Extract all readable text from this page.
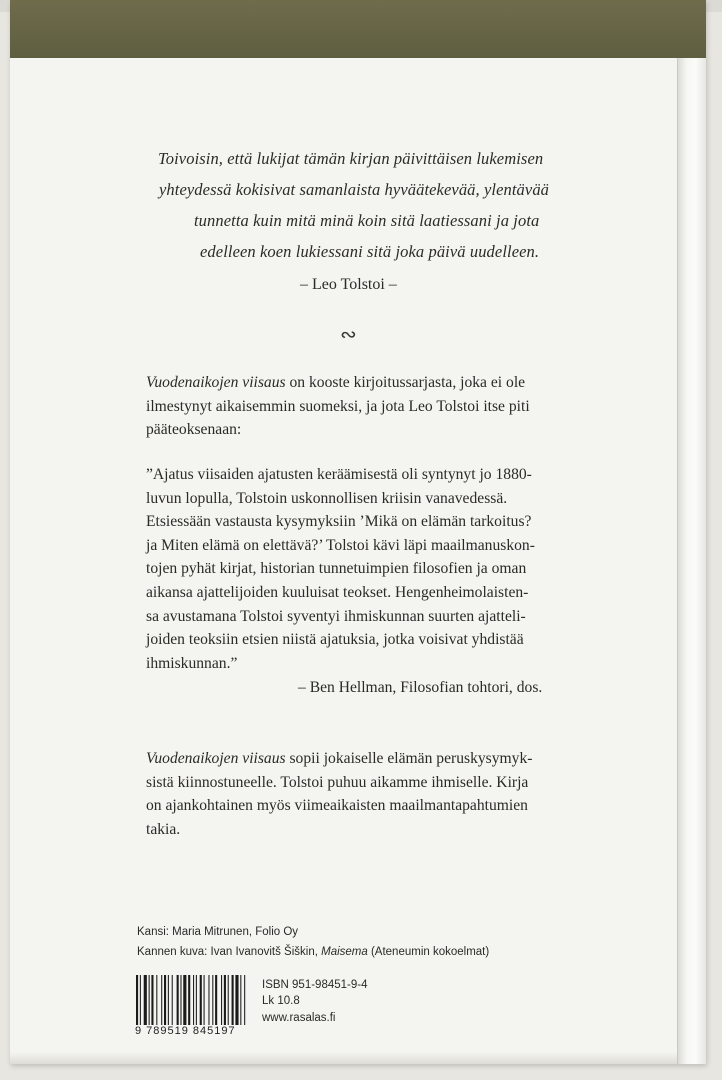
Toivoisin, että lukijat tämän kirjan päivittäisen lukemisen
yhteydessä kokisivat samanlaista hyväätekevää, ylentävää
tunnetta kuin mitä minä koin sitä laatiessani ja jota
edelleen koen lukiessani sitä joka päivä uudelleen.
– Leo Tolstoi –
∾
Vuodenaikojen viisaus on kooste kirjoitussarjasta, joka ei ole
ilmestynyt aikaisemmin suomeksi, ja jota Leo Tolstoi itse piti
pääteoksenaan:
”Ajatus viisaiden ajatusten keräämisestä oli syntynyt jo 1880-
luvun lopulla, Tolstoin uskonnollisen kriisin vanavedessä.
Etsiessään vastausta kysymyksiin ’Mikä on elämän tarkoitus?
ja Miten elämä on elettävä?’ Tolstoi kävi läpi maailmanuskon-
tojen pyhät kirjat, historian tunnetuimpien filosofien ja oman
aikansa ajattelijoiden kuuluisat teokset. Hengenheimolaisten-
sa avustamana Tolstoi syventyi ihmiskunnan suurten ajatteli-
joiden teoksiin etsien niistä ajatuksia, jotka voisivat yhdistää
ihmiskunnan.”
– Ben Hellman, Filosofian tohtori, dos.
Vuodenaikojen viisaus sopii jokaiselle elämän peruskysymyk-
sistä kiinnostuneelle. Tolstoi puhuu aikamme ihmiselle. Kirja
on ajankohtainen myös viimeaikaisten maailmantapahtumien
takia.
Kansi: Maria Mitrunen, Folio Oy
Kannen kuva: Ivan Ivanovitš Šiškin, Maisema (Ateneumin kokoelmat)
9 789519 845197
ISBN 951-98451-9-4
Lk 10.8
www.rasalas.fi
